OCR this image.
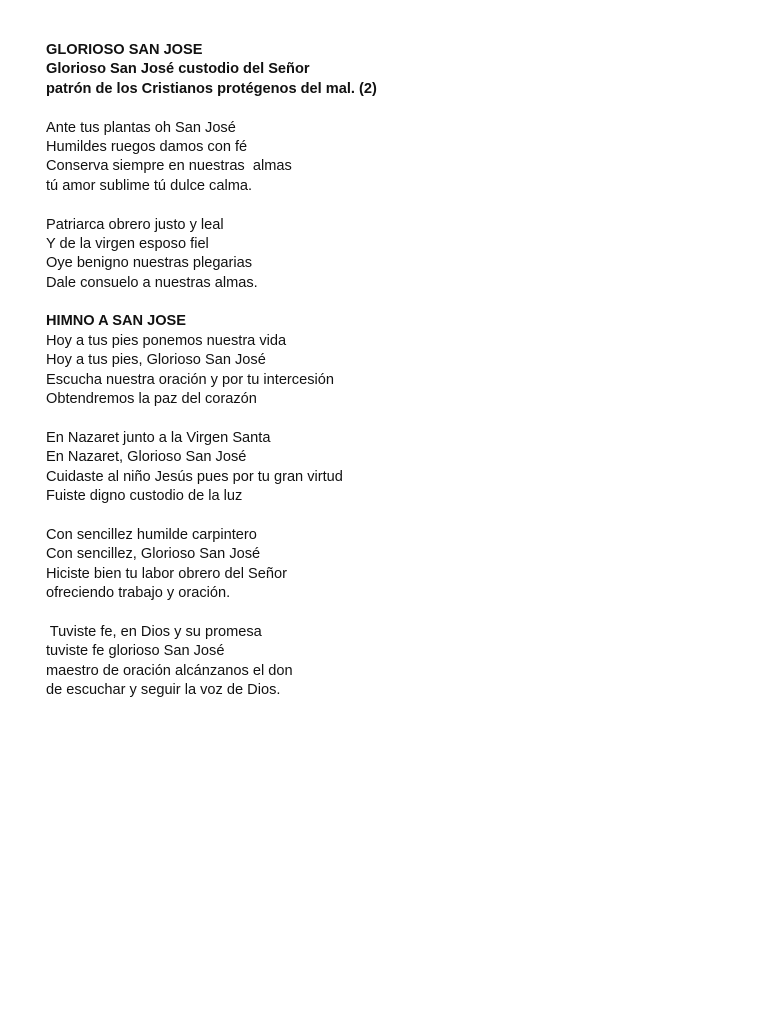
GLORIOSO SAN JOSE
Glorioso San José custodio del Señor
patrón de los Cristianos protégenos del mal. (2)
Ante tus plantas oh San José
Humildes ruegos damos con fé
Conserva siempre en nuestras  almas
tú amor sublime tú dulce calma.
Patriarca obrero justo y leal
Y de la virgen esposo fiel
Oye benigno nuestras plegarias
Dale consuelo a nuestras almas.
HIMNO A SAN JOSE
Hoy a tus pies ponemos nuestra vida
Hoy a tus pies, Glorioso San José
Escucha nuestra oración y por tu intercesión
Obtendremos la paz del corazón
En Nazaret junto a la Virgen Santa
En Nazaret, Glorioso San José
Cuidaste al niño Jesús pues por tu gran virtud
Fuiste digno custodio de la luz
Con sencillez humilde carpintero
Con sencillez, Glorioso San José
Hiciste bien tu labor obrero del Señor
ofreciendo trabajo y oración.
Tuviste fe, en Dios y su promesa
tuviste fe glorioso San José
maestro de oración alcánzanos el don
de escuchar y seguir la voz de Dios.
